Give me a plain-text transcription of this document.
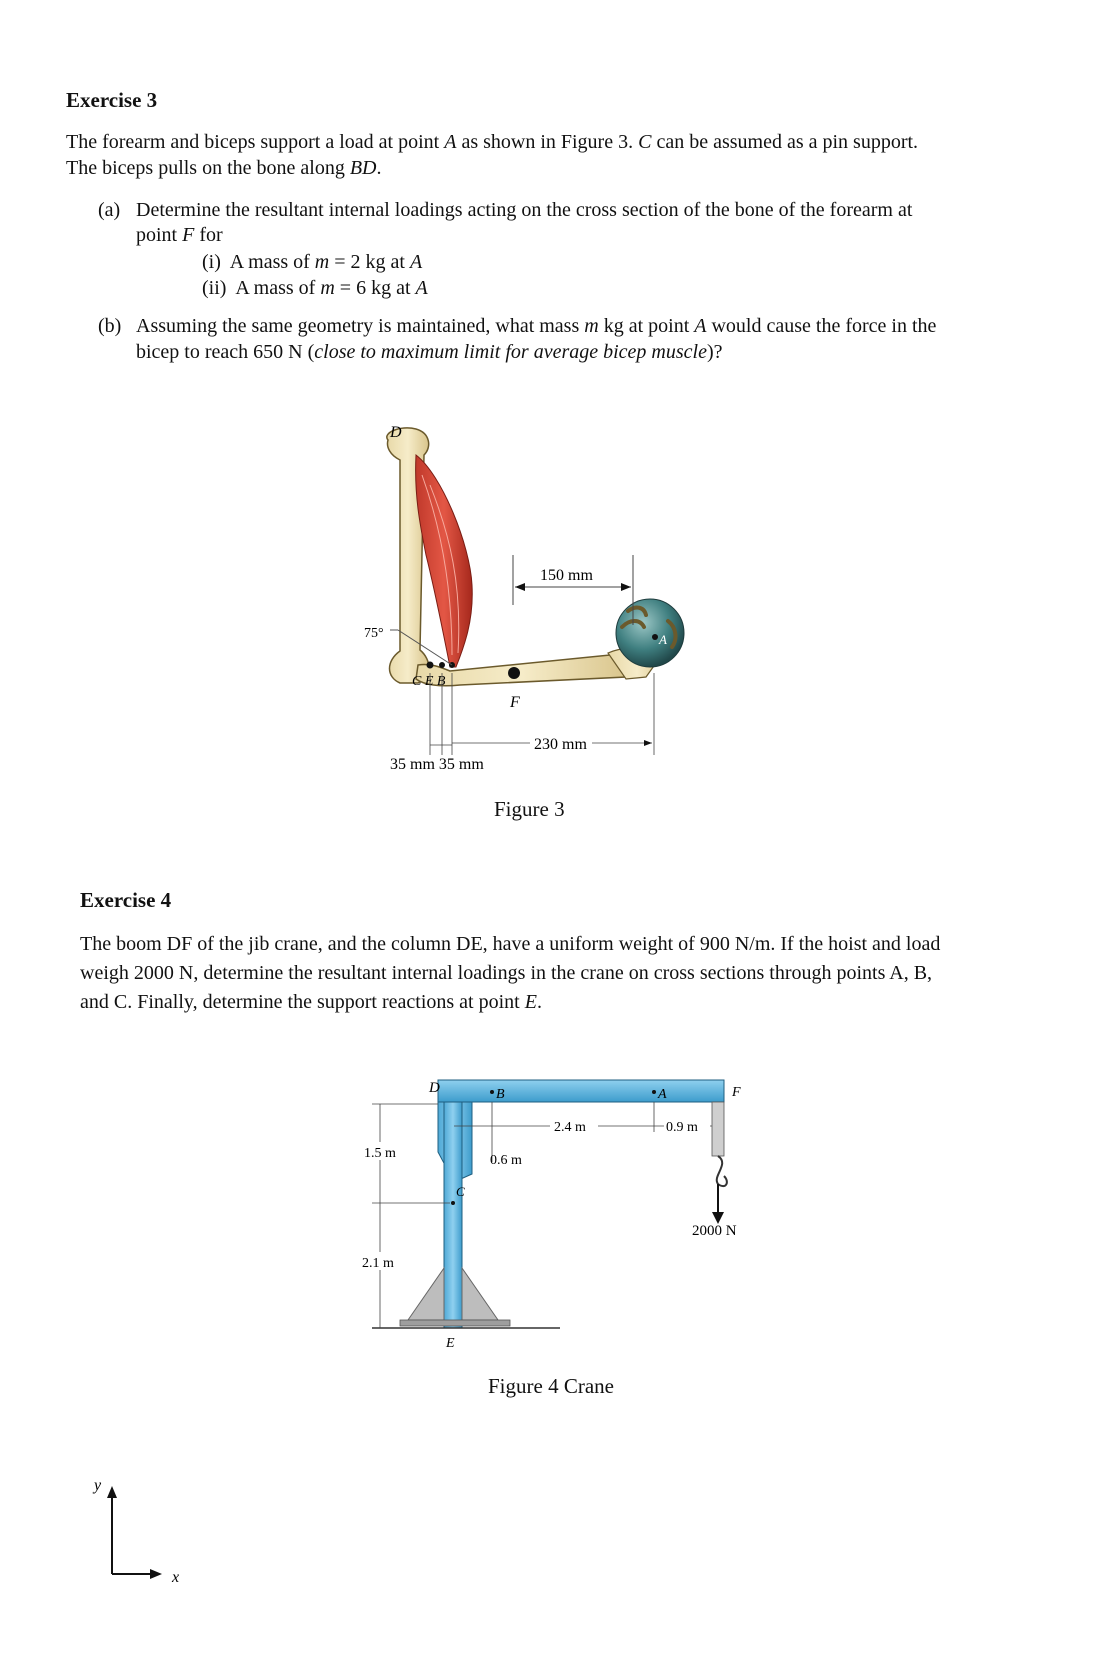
Exercise 3
The forearm and biceps support a load at point A as shown in Figure 3. C can be assumed as a pin support.
The biceps pulls on the bone along BD.
(a) Determine the resultant internal loadings acting on the cross section of the bone of the forearm at
point F for
(i) A mass of m = 2 kg at A
(ii) A mass of m = 6 kg at A
(b) Assuming the same geometry is maintained, what mass m kg at point A would cause the force in the
bicep to reach 650 N (close to maximum limit for average bicep muscle)?
A
75°
D
C E B
F
150 mm
230 mm
35 mm 35 mm
Figure 3
Exercise 4
The boom DF of the jib crane, and the column DE, have a uniform weight of 900 N/m. If the hoist and load
weigh 2000 N, determine the resultant internal loadings in the crane on cross sections through points A, B,
and C. Finally, determine the support reactions at point E.
2000 N
D	B	A	F
C
E
2.4 m	0.9 m
0.6 m
1.5 m
2.1 m
Figure 4 Crane
y
x
